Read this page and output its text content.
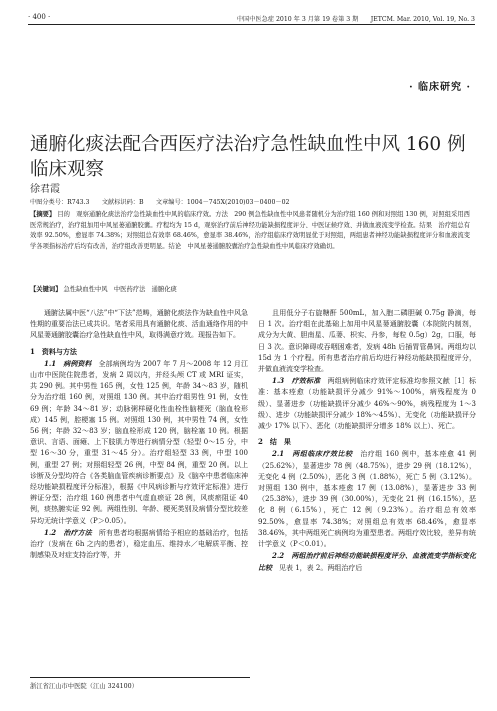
· 400 ·	中国中医急症 2010 年 3 月第 19 卷第 3 期　　JETCM. Mar. 2010, Vol. 19, No. 3
· 临床研究 ·
通腑化痰法配合西医疗法治疗急性缺血性中风 160 例临床观察
徐君霞
中图分类号：R743.3　　文献标识码：B　　文章编号：1004－745X(2010)03－0400－02
【摘要】 目的　观察通腑化痰法治疗急性缺血性中风的临床疗效。方法　290 例急性缺血性中风患者随机分为治疗组 160 例和对照组 130 例，对照组采用西医常规治疗，治疗组加用中风星蒌通腑胶囊。疗程均为 15 d，观察治疗前后神经功能缺损程度评分、中医证候疗效、并做血液流变学检查。结果　治疗组总有效率 92.50%，愈显率 74.38%；对照组总有效率 68.46%，愈显率 38.46%，治疗组临床疗效明显优于对照组，两组患者神经功能缺损程度评分和血液流变学各项指标治疗后均有改善，治疗组改善更明显。结论　中风星蒌通腑胶囊治疗急性缺血性中风临床疗效确切。
【关键词】 急性缺血性中风　中医药疗法　通腑化痰

通腑法属中医“八法”中“下法”范畴，通腑化痰法作为缺血性中风急性期的重要治法已成共识。笔者采用具有通腑化痰、活血通络作用的中风星蒌通腑胶囊治疗急性缺血性中风，取得满意疗效。现报告如下。

1　资料与方法

1.1　病例资料　全部病例均为 2007 年 7 月～2008 年 12 月江山市中医院住院患者，发病 2 周以内，并经头颅 CT 或 MRI 证实，共 290 例。其中男性 165 例，女性 125 例，年龄 34～83 岁，随机分为治疗组 160 例，对照组 130 例。其中治疗组男性 91 例，女性 69 例；年龄 34～81 岁；动脉粥样硬化性血栓性脑梗死（脑血栓形成）145 例，腔梗塞 15 例。对照组 130 例，其中男性 74 例，女性 56 例；年龄 32～83 岁；脑血栓形成 120 例，脑栓塞 10 例。根据意识、言语、面瘫、上下肢肌力等进行病情分型（轻型 0～15 分，中型 16～30 分，重型 31～45 分）。治疗组轻型 33 例，中型 100 例，重型 27 例；对照组轻型 26 例，中型 84 例，重型 20 例。以上诊断及分型均符合《各类脑血管疾病诊断要点》及《脑卒中患者临床神经功能缺损程度评分标准》，根据《中风病诊断与疗效评定标准》进行辨证分型；治疗组 160 例患者中气虚血瘀证 28 例，风痰瘀阻证 40 例，痰热腑实证 92 例。两组性别、年龄、梗死类别及病情分型比较差异均无统计学意义（P＞0.05）。

1.2　治疗方法　所有患者均根据病情给予相应的基础治疗，包括治疗（发病在 6h 之内的患者），稳定血压、维持水／电解质平衡、控制感染及对症支持治疗等，并

且用低分子右旋糖酐 500mL，加入胞二磷胆碱 0.75g 静滴，每日 1 次。治疗组在此基础上加用中风星蒌通腑胶囊（本院院内制剂，成分为大黄、胆南星、瓜蒌、枳实、丹参，每粒 0.5g）2g，口服，每日 3 次。意识障碍或吞咽困难者，发病 48h 后插胃管鼻饲。两组均以 15d 为 1 个疗程。所有患者治疗前后均进行神经功能缺损程度评分，并做血液流变学检查。

1.3　疗效标准　两组病例临床疗效评定标准均参照文献［1］标准：基本痊愈（功能缺损评分减少 91%～100%，病残程度为 0 级）、显著进步（功能缺损评分减少 46%～90%，病残程度为 1～3 级）、进步（功能缺损评分减少 18%～45%）、无变化（功能缺损评分减少 17% 以下）、恶化（功能缺损评分增多 18% 以上）、死亡。

2　结　果

2.1　两组临床疗效比较　治疗组 160 例中，基本痊愈 41 例（25.62%），显著进步 78 例（48.75%），进步 29 例（18.12%），无变化 4 例（2.50%），恶化 3 例（1.88%），死亡 5 例（3.12%）。对照组 130 例中，基本痊愈 17 例（13.08%），显著进步 33 例（25.38%），进步 39 例（30.00%），无变化 21 例（16.15%），恶化 8 例（6.15%），死亡 12 例（9.23%）。治疗组总有效率 92.50%，愈显率 74.38%；对照组总有效率 68.46%，愈显率 38.46%，其中两组死亡病例均为重型患者。两组疗效比较，差异有统计学意义（P＜0.01）。

2.2　两组治疗前后神经功能缺损程度评分、血液流变学指标变化比较　见表 1，表 2。两组治疗后

浙江省江山市中医院（江山 324100）
